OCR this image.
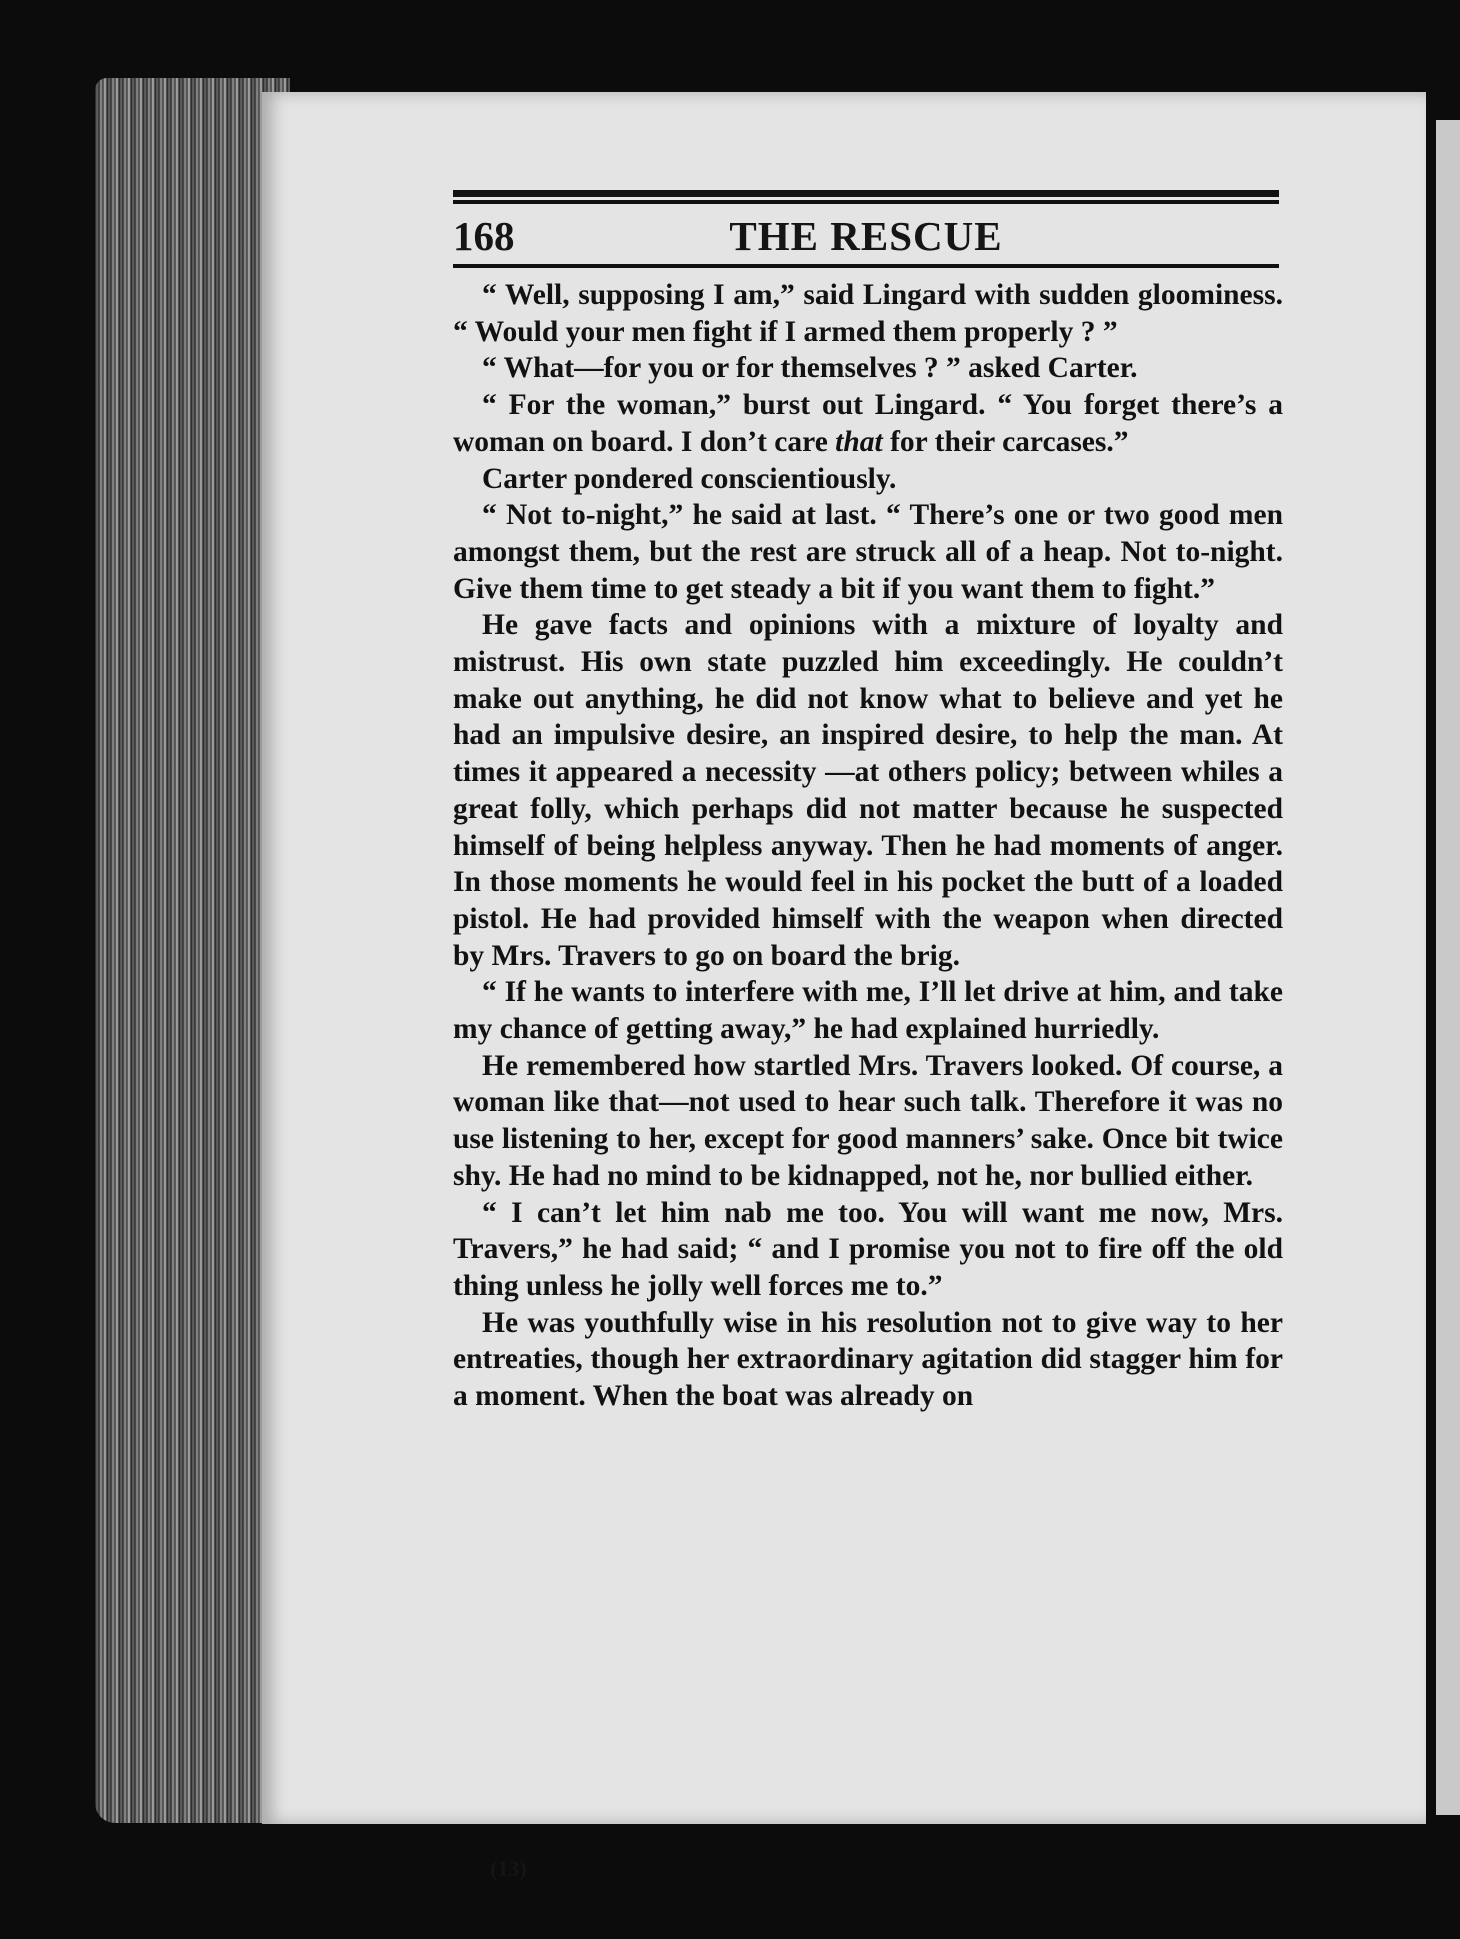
168	THE RESCUE

“ Well, supposing I am,” said Lingard with sudden gloominess. “ Would your men fight if I armed them properly ? ”

“ What—for you or for themselves ? ” asked Carter.

“ For the woman,” burst out Lingard. “ You forget there’s a woman on board. I don’t care that for their carcases.”

Carter pondered conscientiously.

“ Not to-night,” he said at last. “ There’s one or two good men amongst them, but the rest are struck all of a heap. Not to-night. Give them time to get steady a bit if you want them to fight.”

He gave facts and opinions with a mixture of loyalty and mistrust. His own state puzzled him exceedingly. He couldn’t make out anything, he did not know what to believe and yet he had an impulsive desire, an inspired desire, to help the man. At times it appeared a necessity —at others policy; between whiles a great folly, which perhaps did not matter because he suspected himself of being helpless anyway. Then he had moments of anger. In those moments he would feel in his pocket the butt of a loaded pistol. He had provided himself with the weapon when directed by Mrs. Travers to go on board the brig.

“ If he wants to interfere with me, I’ll let drive at him, and take my chance of getting away,” he had explained hurriedly.

He remembered how startled Mrs. Travers looked. Of course, a woman like that—not used to hear such talk. Therefore it was no use listening to her, except for good manners’ sake. Once bit twice shy. He had no mind to be kidnapped, not he, nor bullied either.

“ I can’t let him nab me too. You will want me now, Mrs. Travers,” he had said; “ and I promise you not to fire off the old thing unless he jolly well forces me to.”

He was youthfully wise in his resolution not to give way to her entreaties, though her extraordinary agitation did stagger him for a moment. When the boat was already on

(13)
